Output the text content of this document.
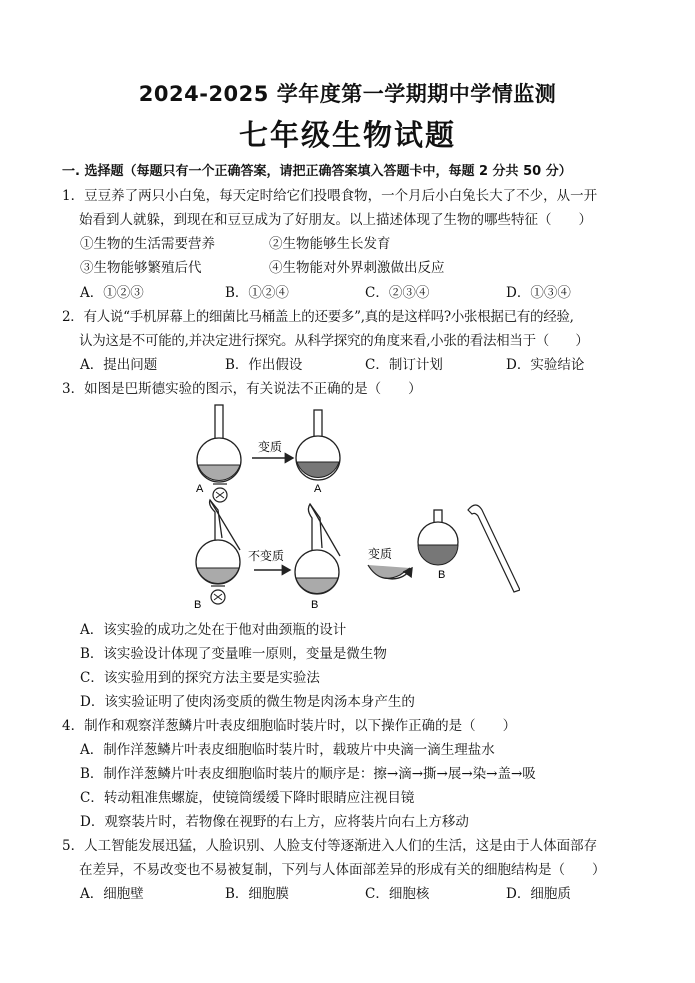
2024-2025 学年度第一学期期中学情监测
七年级生物试题
一. 选择题（每题只有一个正确答案，请把正确答案填入答题卡中，每题 2 分共 50 分）
1．豆豆养了两只小白兔，每天定时给它们投喂食物，一个月后小白兔长大了不少，从一开
始看到人就躲，到现在和豆豆成为了好朋友。以上描述体现了生物的哪些特征（　　）
①生物的生活需要营养	②生物能够生长发育
③生物能够繁殖后代	④生物能对外界刺激做出反应
A．①②③	B．①②④	C．②③④	D．①③④
2．有人说“手机屏幕上的细菌比马桶盖上的还要多”,真的是这样吗?小张根据已有的经验,
认为这是不可能的,并决定进行探究。从科学探究的角度来看,小张的看法相当于（　　）
A．提出问题	B．作出假设	C．制订计划	D．实验结论
3．如图是巴斯德实验的图示，有关说法不正确的是（　　）
A
变质
A
B
不变质
B
变质
B
A．该实验的成功之处在于他对曲颈瓶的设计
B．该实验设计体现了变量唯一原则，变量是微生物
C．该实验用到的探究方法主要是实验法
D．该实验证明了使肉汤变质的微生物是肉汤本身产生的
4．制作和观察洋葱鳞片叶表皮细胞临时装片时，以下操作正确的是（　　）
A．制作洋葱鳞片叶表皮细胞临时装片时，载玻片中央滴一滴生理盐水
B．制作洋葱鳞片叶表皮细胞临时装片的顺序是：擦→滴→撕→展→染→盖→吸
C．转动粗准焦螺旋，使镜筒缓缓下降时眼睛应注视目镜
D．观察装片时，若物像在视野的右上方，应将装片向右上方移动
5．人工智能发展迅猛，人脸识别、人脸支付等逐渐进入人们的生活，这是由于人体面部存
在差异，不易改变也不易被复制，下列与人体面部差异的形成有关的细胞结构是（　　）
A．细胞壁	B．细胞膜	C．细胞核	D．细胞质
